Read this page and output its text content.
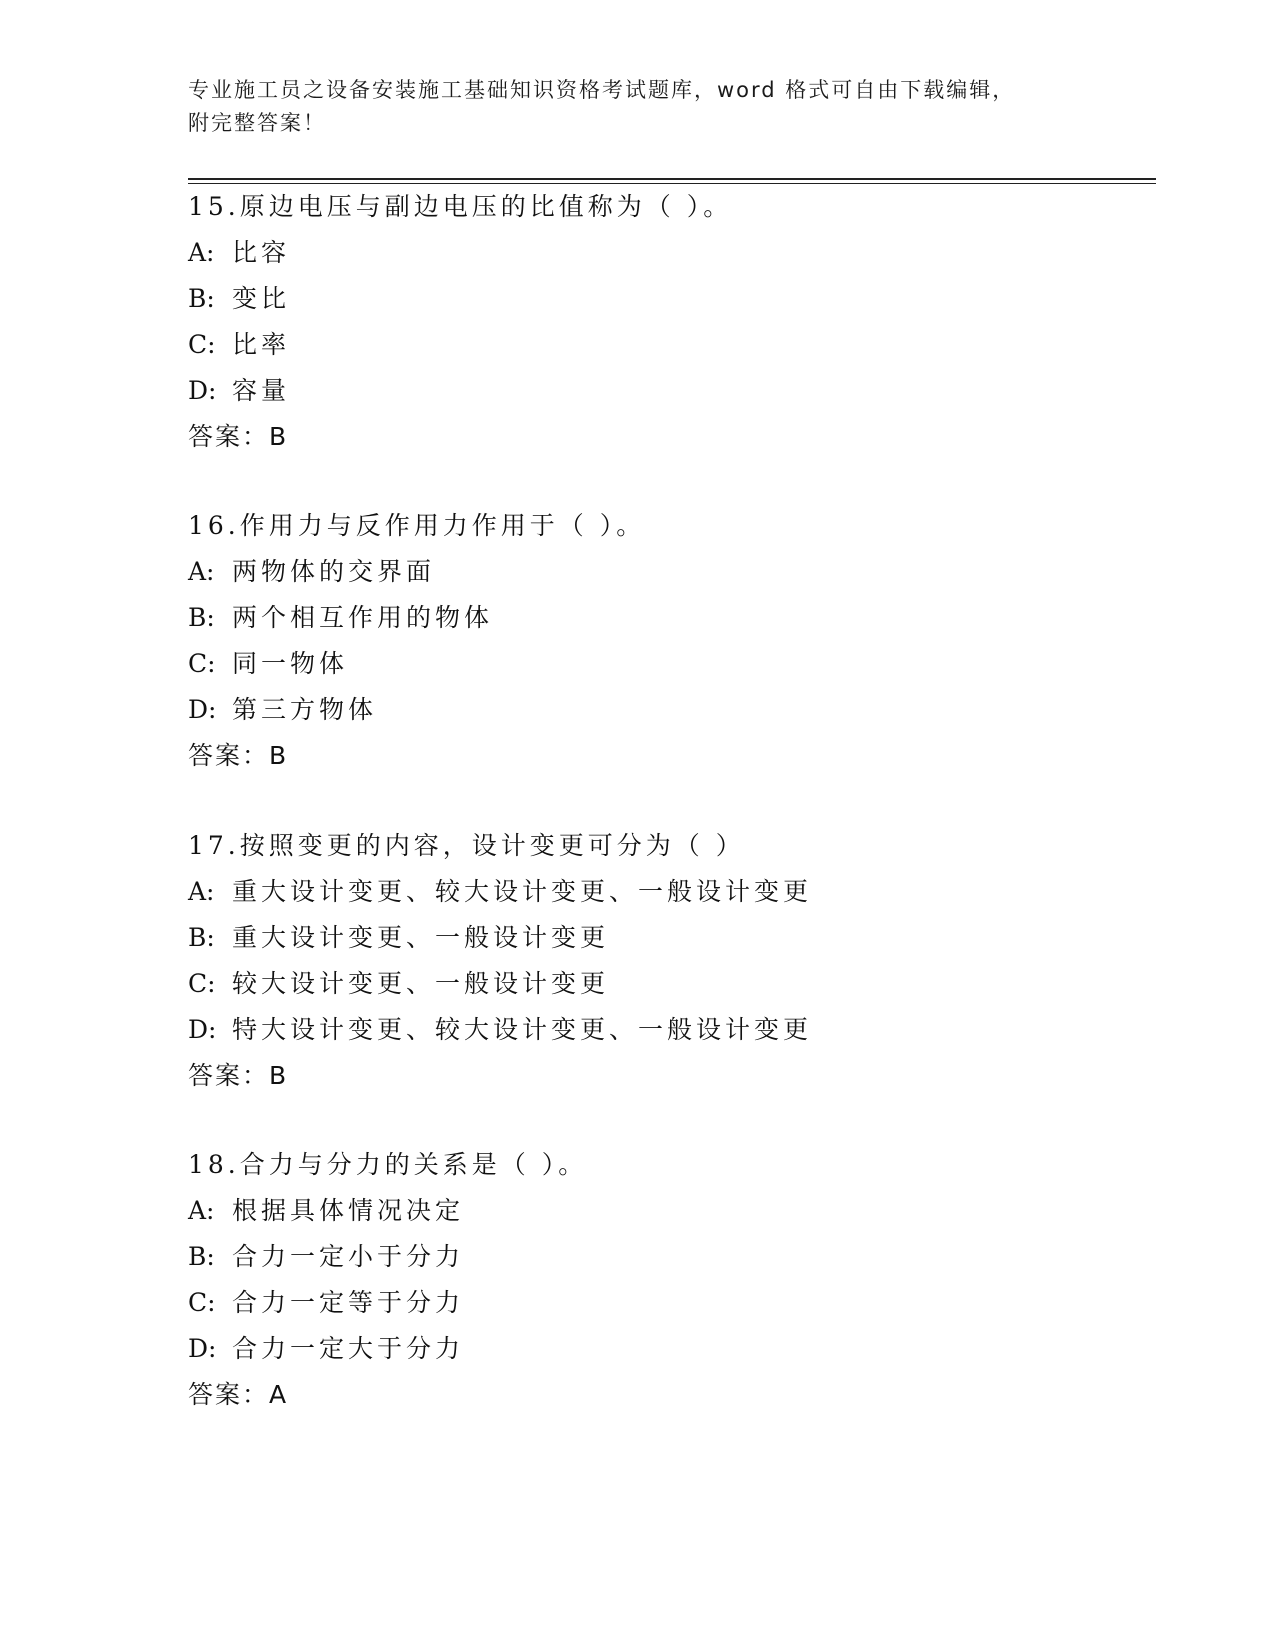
专业施工员之设备安装施工基础知识资格考试题库，word 格式可自由下载编辑，
附完整答案！
15.原边电压与副边电压的比值称为（ ）。
A: 比容
B: 变比
C: 比率
D: 容量
答案：B
16.作用力与反作用力作用于（ ）。
A: 两物体的交界面
B: 两个相互作用的物体
C: 同一物体
D: 第三方物体
答案：B
17.按照变更的内容，设计变更可分为（ ）
A: 重大设计变更、较大设计变更、一般设计变更
B: 重大设计变更、一般设计变更
C: 较大设计变更、一般设计变更
D: 特大设计变更、较大设计变更、一般设计变更
答案：B
18.合力与分力的关系是（ ）。
A: 根据具体情况决定
B: 合力一定小于分力
C: 合力一定等于分力
D: 合力一定大于分力
答案：A
